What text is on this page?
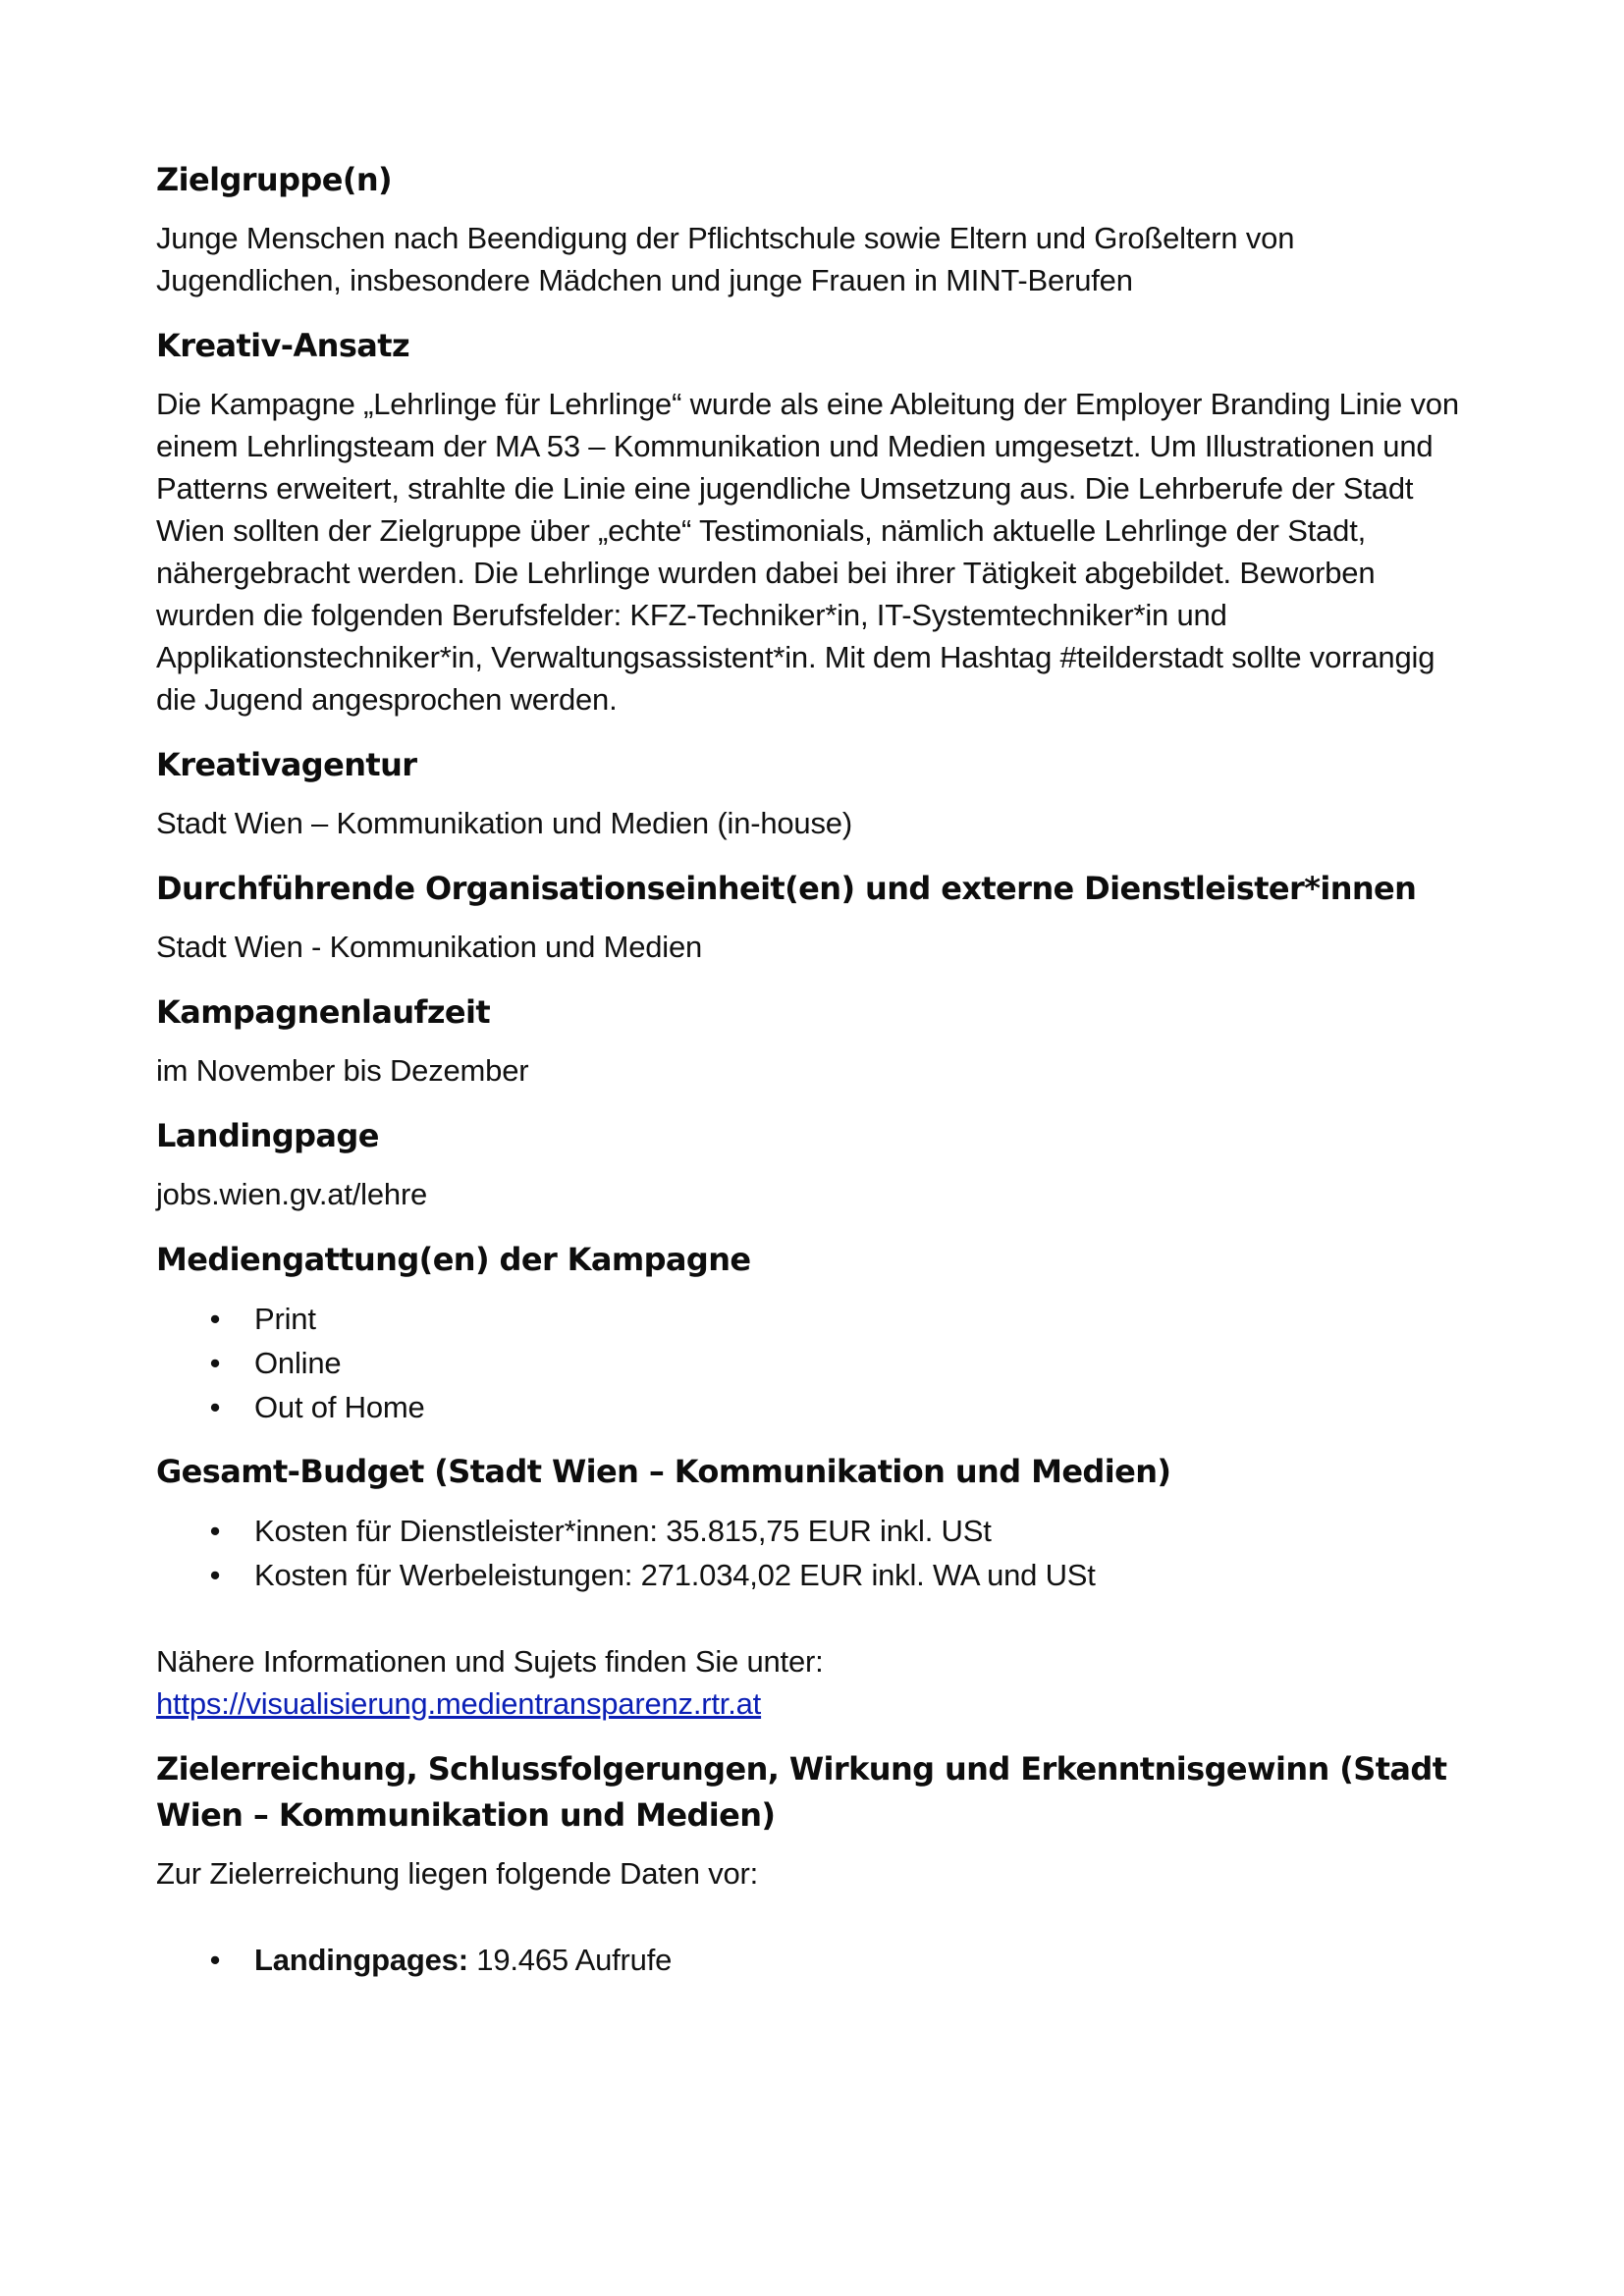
Zielgruppe(n)

Junge Menschen nach Beendigung der Pflichtschule sowie Eltern und Großeltern von Jugendlichen, insbesondere Mädchen und junge Frauen in MINT-Berufen

Kreativ-Ansatz

Die Kampagne „Lehrlinge für Lehrlinge“ wurde als eine Ableitung der Employer Branding Linie von einem Lehrlingsteam der MA 53 – Kommunikation und Medien umgesetzt. Um Illustrationen und Patterns erweitert, strahlte die Linie eine jugendliche Umsetzung aus. Die Lehrberufe der Stadt Wien sollten der Zielgruppe über „echte“ Testimonials, nämlich aktuelle Lehrlinge der Stadt, nähergebracht werden. Die Lehrlinge wurden dabei bei ihrer Tätigkeit abgebildet. Beworben wurden die folgenden Berufsfelder: KFZ-Techniker*in, IT-Systemtechniker*in und Applikationstechniker*in, Verwaltungsassistent*in. Mit dem Hashtag #teilderstadt sollte vorrangig die Jugend angesprochen werden.

Kreativagentur

Stadt Wien – Kommunikation und Medien (in-house)

Durchführende Organisationseinheit(en) und externe Dienstleister*innen

Stadt Wien - Kommunikation und Medien

Kampagnenlaufzeit

im November bis Dezember

Landingpage

jobs.wien.gv.at/lehre

Mediengattung(en) der Kampagne
• Print
• Online
• Out of Home
Gesamt-Budget (Stadt Wien – Kommunikation und Medien)
• Kosten für Dienstleister*innen: 35.815,75 EUR inkl. USt
• Kosten für Werbeleistungen: 271.034,02 EUR inkl. WA und USt

Nähere Informationen und Sujets finden Sie unter:
https://visualisierung.medientransparenz.rtr.at

Zielerreichung, Schlussfolgerungen, Wirkung und Erkenntnisgewinn (Stadt Wien – Kommunikation und Medien)

Zur Zielerreichung liegen folgende Daten vor:

• Landingpages: 19.465 Aufrufe
